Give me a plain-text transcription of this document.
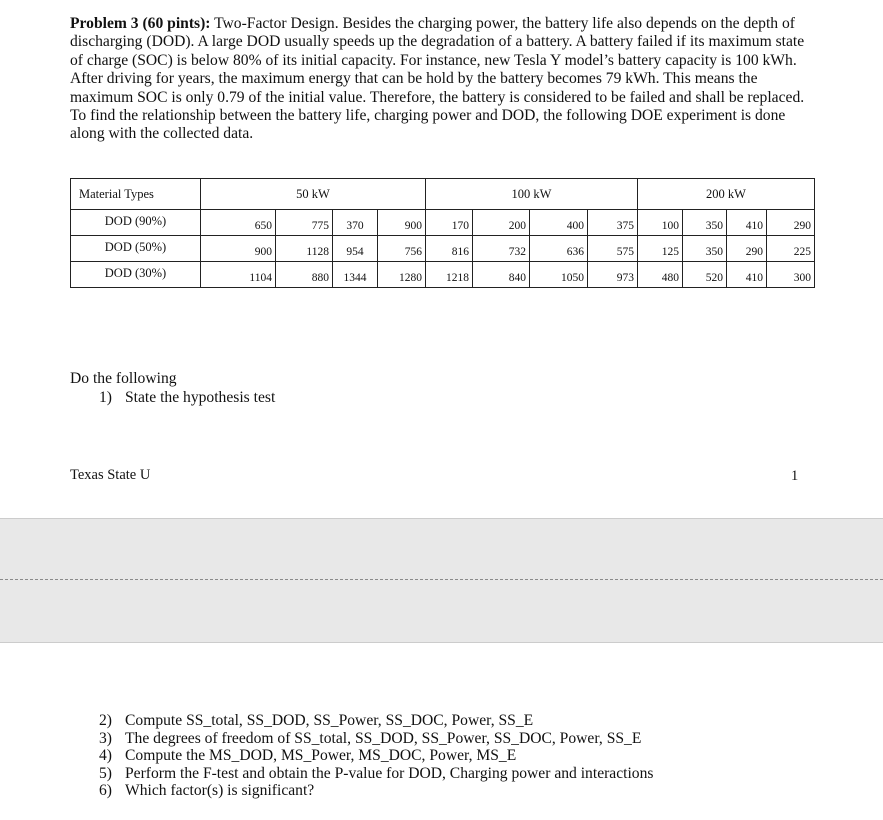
Problem 3 (60 pints): Two-Factor Design. Besides the charging power, the battery life also depends on the depth of discharging (DOD). A large DOD usually speeds up the degradation of a battery. A battery failed if its maximum state of charge (SOC) is below 80% of its initial capacity. For instance, new Tesla Y model’s battery capacity is 100 kWh. After driving for years, the maximum energy that can be hold by the battery becomes 79 kWh. This means the maximum SOC is only 0.79 of the initial value. Therefore, the battery is considered to be failed and shall be replaced. To find the relationship between the battery life, charging power and DOD, the following DOE experiment is done along with the collected data.

Material Types	50 kW				100 kW				200 kW			
DOD (90%)	650	775	370	900	170	200	400	375	100	350	410	290
DOD (50%)	900	1128	954	756	816	732	636	575	125	350	290	225
DOD (30%)	1104	880	1344	1280	1218	840	1050	973	480	520	410	300
Do the following
1) State the hypothesis test
Texas State U	1
2) Compute SS_total, SS_DOD, SS_Power, SS_DOC, Power, SS_E
3) The degrees of freedom of SS_total, SS_DOD, SS_Power, SS_DOC, Power, SS_E
4) Compute the MS_DOD, MS_Power, MS_DOC, Power, MS_E
5) Perform the F-test and obtain the P-value for DOD, Charging power and interactions
6) Which factor(s) is significant?
